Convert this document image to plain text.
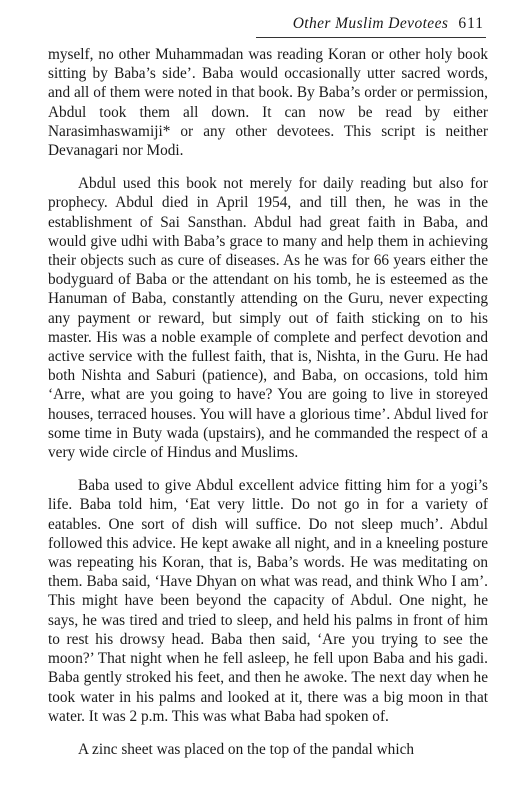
Other Muslim Devotees 611

myself, no other Muhammadan was reading Koran or other holy book sitting by Baba’s side’. Baba would occasionally utter sacred words, and all of them were noted in that book. By Baba’s order or permission, Abdul took them all down. It can now be read by either Narasimhaswamiji* or any other devotees. This script is neither Devanagari nor Modi.

Abdul used this book not merely for daily reading but also for prophecy. Abdul died in April 1954, and till then, he was in the establishment of Sai Sansthan. Abdul had great faith in Baba, and would give udhi with Baba’s grace to many and help them in achieving their objects such as cure of diseases. As he was for 66 years either the bodyguard of Baba or the attendant on his tomb, he is esteemed as the Hanuman of Baba, constantly attending on the Guru, never expecting any payment or reward, but simply out of faith sticking on to his master. His was a noble example of complete and perfect devotion and active service with the fullest faith, that is, Nishta, in the Guru. He had both Nishta and Saburi (patience), and Baba, on occasions, told him ‘Arre, what are you going to have? You are going to live in storeyed houses, terraced houses. You will have a glorious time’. Abdul lived for some time in Buty wada (upstairs), and he commanded the respect of a very wide circle of Hindus and Muslims.

Baba used to give Abdul excellent advice fitting him for a yogi’s life. Baba told him, ‘Eat very little. Do not go in for a variety of eatables. One sort of dish will suffice. Do not sleep much’. Abdul followed this advice. He kept awake all night, and in a kneeling posture was repeating his Koran, that is, Baba’s words. He was meditating on them. Baba said, ‘Have Dhyan on what was read, and think Who I am’. This might have been beyond the capacity of Abdul. One night, he says, he was tired and tried to sleep, and held his palms in front of him to rest his drowsy head. Baba then said, ‘Are you trying to see the moon?’ That night when he fell asleep, he fell upon Baba and his gadi. Baba gently stroked his feet, and then he awoke. The next day when he took water in his palms and looked at it, there was a big moon in that water. It was 2 p.m. This was what Baba had spoken of.

A zinc sheet was placed on the top of the pandal which
